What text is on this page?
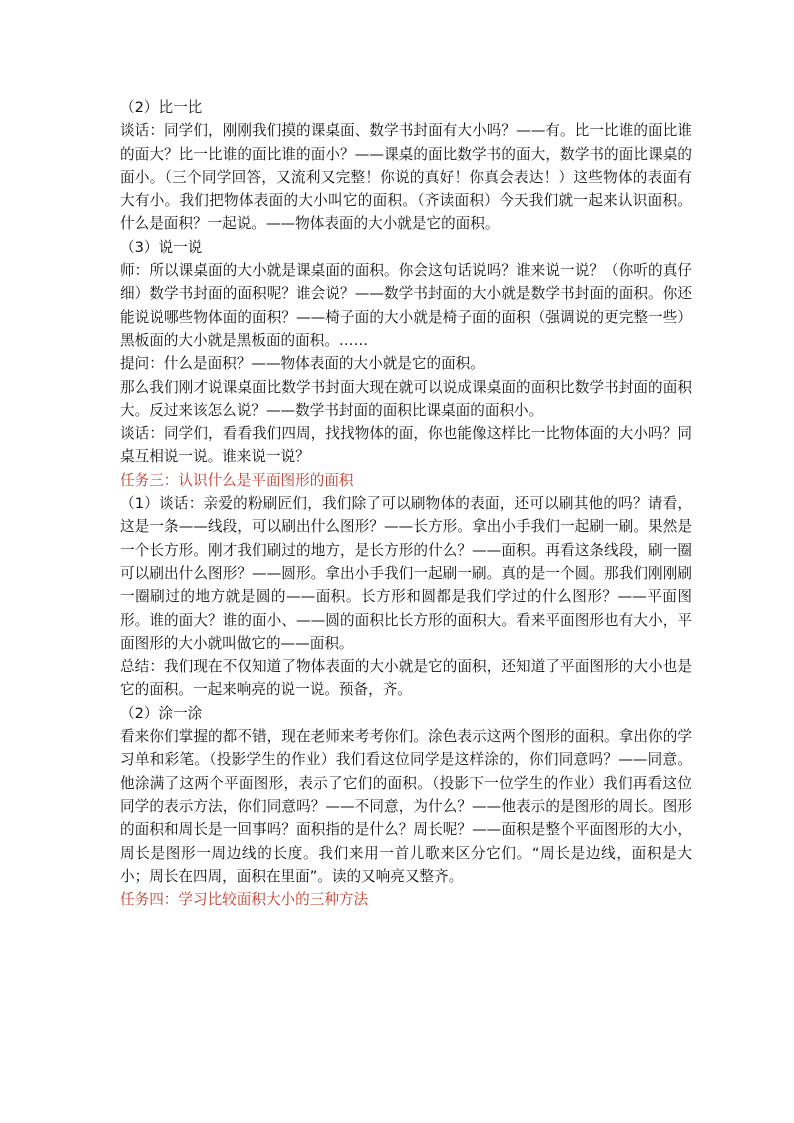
（2）比一比

谈话：同学们，刚刚我们摸的课桌面、数学书封面有大小吗？——有。比一比谁的面比谁的面大？比一比谁的面比谁的面小？——课桌的面比数学书的面大，数学书的面比课桌的面小。（三个同学回答，又流利又完整！你说的真好！你真会表达！）这些物体的表面有大有小。我们把物体表面的大小叫它的面积。（齐读面积）今天我们就一起来认识面积。什么是面积？一起说。——物体表面的大小就是它的面积。

（3）说一说

师：所以课桌面的大小就是课桌面的面积。你会这句话说吗？谁来说一说？（你听的真仔细）数学书封面的面积呢？谁会说？——数学书封面的大小就是数学书封面的面积。你还能说说哪些物体面的面积？——椅子面的大小就是椅子面的面积（强调说的更完整一些）黑板面的大小就是黑板面的面积。……

提问：什么是面积？——物体表面的大小就是它的面积。

那么我们刚才说课桌面比数学书封面大现在就可以说成课桌面的面积比数学书封面的面积大。反过来该怎么说？——数学书封面的面积比课桌面的面积小。

谈话：同学们，看看我们四周，找找物体的面，你也能像这样比一比物体面的大小吗？同桌互相说一说。谁来说一说？

任务三：认识什么是平面图形的面积

（1）谈话：亲爱的粉刷匠们，我们除了可以刷物体的表面，还可以刷其他的吗？请看，这是一条——线段，可以刷出什么图形？——长方形。拿出小手我们一起刷一刷。果然是一个长方形。刚才我们刷过的地方，是长方形的什么？——面积。再看这条线段，刷一圈可以刷出什么图形？——圆形。拿出小手我们一起刷一刷。真的是一个圆。那我们刚刚刷一圈刷过的地方就是圆的——面积。长方形和圆都是我们学过的什么图形？——平面图形。谁的面大？谁的面小、——圆的面积比长方形的面积大。看来平面图形也有大小，平面图形的大小就叫做它的——面积。

总结：我们现在不仅知道了物体表面的大小就是它的面积，还知道了平面图形的大小也是它的面积。一起来响亮的说一说。预备，齐。

（2）涂一涂

看来你们掌握的都不错，现在老师来考考你们。涂色表示这两个图形的面积。拿出你的学习单和彩笔。（投影学生的作业）我们看这位同学是这样涂的，你们同意吗？——同意。他涂满了这两个平面图形，表示了它们的面积。（投影下一位学生的作业）我们再看这位同学的表示方法，你们同意吗？——不同意，为什么？——他表示的是图形的周长。图形的面积和周长是一回事吗？面积指的是什么？周长呢？——面积是整个平面图形的大小，周长是图形一周边线的长度。我们来用一首儿歌来区分它们。“周长是边线，面积是大小；周长在四周，面积在里面”。读的又响亮又整齐。

任务四：学习比较面积大小的三种方法
